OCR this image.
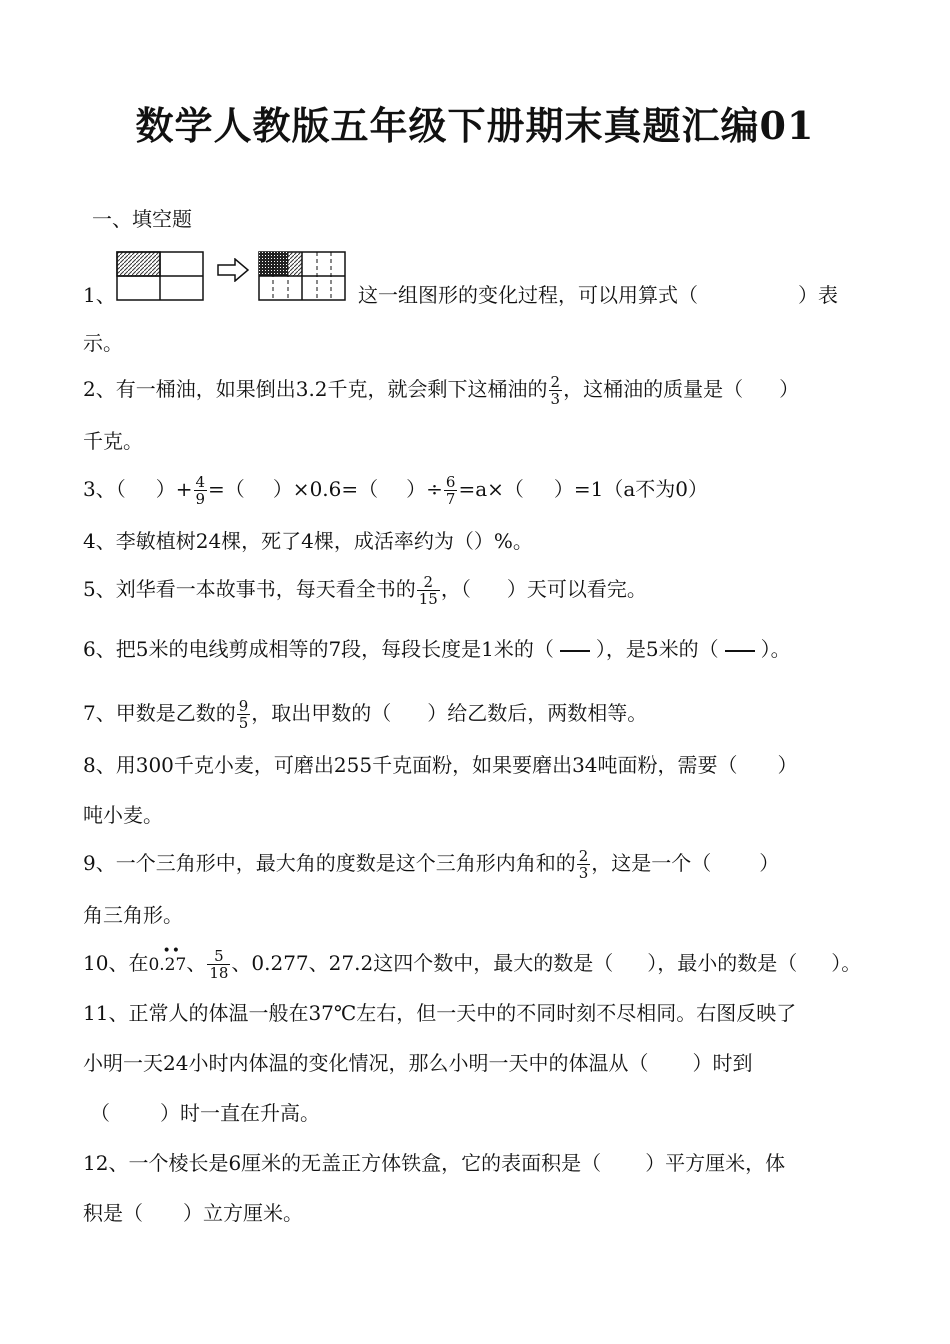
数学人教版五年级下册期末真题汇编01
一、填空题
1、	这一组图形的变化过程，可以用算式（	）表
示。
2、有一桶油，如果倒出3.2千克，就会剩下这桶油的 $\frac{2}{3}$ ，这桶油的质量是（ ）
千克。
3、（ ）+ $\frac{4}{9}$ =（ ）×0.6=（ ）÷ $\frac{6}{7} =a\times$（ ）=1（a不为0）
4、李敏植树24棵，死了4棵，成活率约为（）%。
5、刘华看一本故事书，每天看全书的 $\frac{2}{15}$ ，（ ）天可以看完。
6、把5米的电线剪成相等的7段，每段长度是1米的（ ），是5米的（ ）。
7、甲数是乙数的 $\frac{9}{5}$ ，取出甲数的（ ）给乙数后，两数相等。
8、用300千克小麦，可磨出255千克面粉，如果要磨出34吨面粉，需要（ ）
吨小麦。
9、一个三角形中，最大角的度数是这个三角形内角和的 $\frac{2}{3}$ ，这是一个（ ）
角三角形。
10、在0.27
•• 、 $\frac{5}{18}$ 、0.277、27.2这四个数中，最大的数是（ ），最小的数是（ ）。
11、正常人的体温一般在37℃左右，但一天中的不同时刻不尽相同。右图反映了
小明一天24小时内体温的变化情况，那么小明一天中的体温从（ ）时到
（	）时一直在升高。
12、一个棱长是6厘米的无盖正方体铁盒，它的表面积是（ ）平方厘米，体
积是（ ）立方厘米。
